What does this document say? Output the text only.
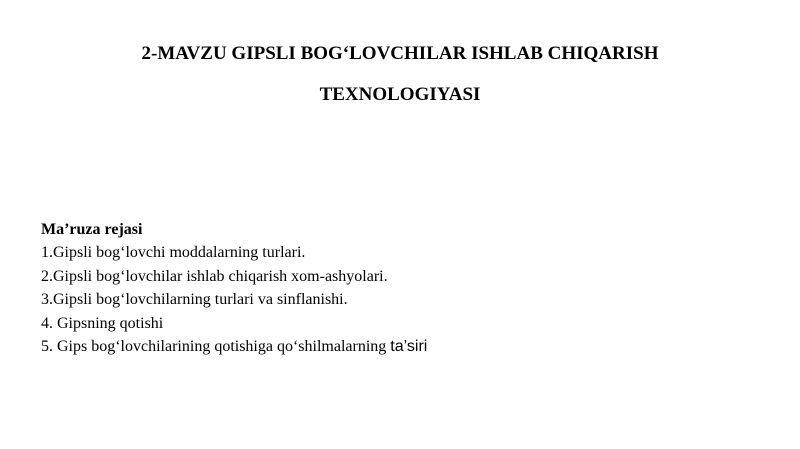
2-MAVZU GIPSLI BOG‘LOVCHILAR ISHLAB CHIQARISH
TEXNOLOGIYASI
Ma’ruza rejasi
1.Gipsli bog‘lovchi moddalarning turlari.
2.Gipsli bog‘lovchilar ishlab chiqarish xom-ashyolari.
3.Gipsli bog‘lovchilarning turlari va sinflanishi.
4. Gipsning qotishi
5. Gips bog‘lovchilarining qotishiga qo‘shilmalarning ta’siri
